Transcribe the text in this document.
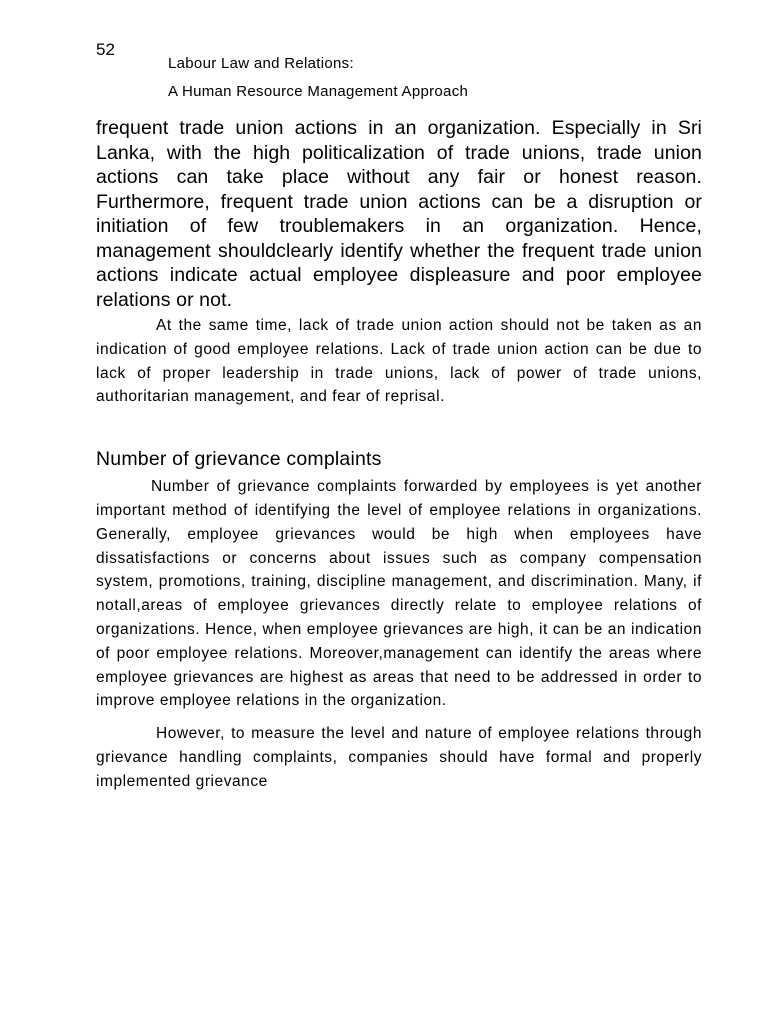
52
Labour Law and Relations:
A Human Resource Management Approach

frequent trade union actions in an organization. Especially in Sri Lanka, with the high politicalization of trade unions, trade union actions can take place without any fair or honest reason. Furthermore, frequent trade union actions can be a disruption or initiation of few troublemakers in an organization. Hence, management shouldclearly identify whether the frequent trade union actions indicate actual employee displeasure and poor employee relations or not.

At the same time, lack of trade union action should not be taken as an indication of good employee relations. Lack of trade union action can be due to lack of proper leadership in trade unions, lack of power of trade unions, authoritarian management, and fear of reprisal.

Number of grievance complaints

Number of grievance complaints forwarded by employees is yet another important method of identifying the level of employee relations in organizations. Generally, employee grievances would be high when employees have dissatisfactions or concerns about issues such as company compensation system, promotions, training, discipline management, and discrimination. Many, if notall,areas of employee grievances directly relate to employee relations of organizations. Hence, when employee grievances are high, it can be an indication of poor employee relations. Moreover,management can identify the areas where employee grievances are highest as areas that need to be addressed in order to improve employee relations in the organization.

However, to measure the level and nature of employee relations through grievance handling complaints, companies should have formal and properly implemented grievance
